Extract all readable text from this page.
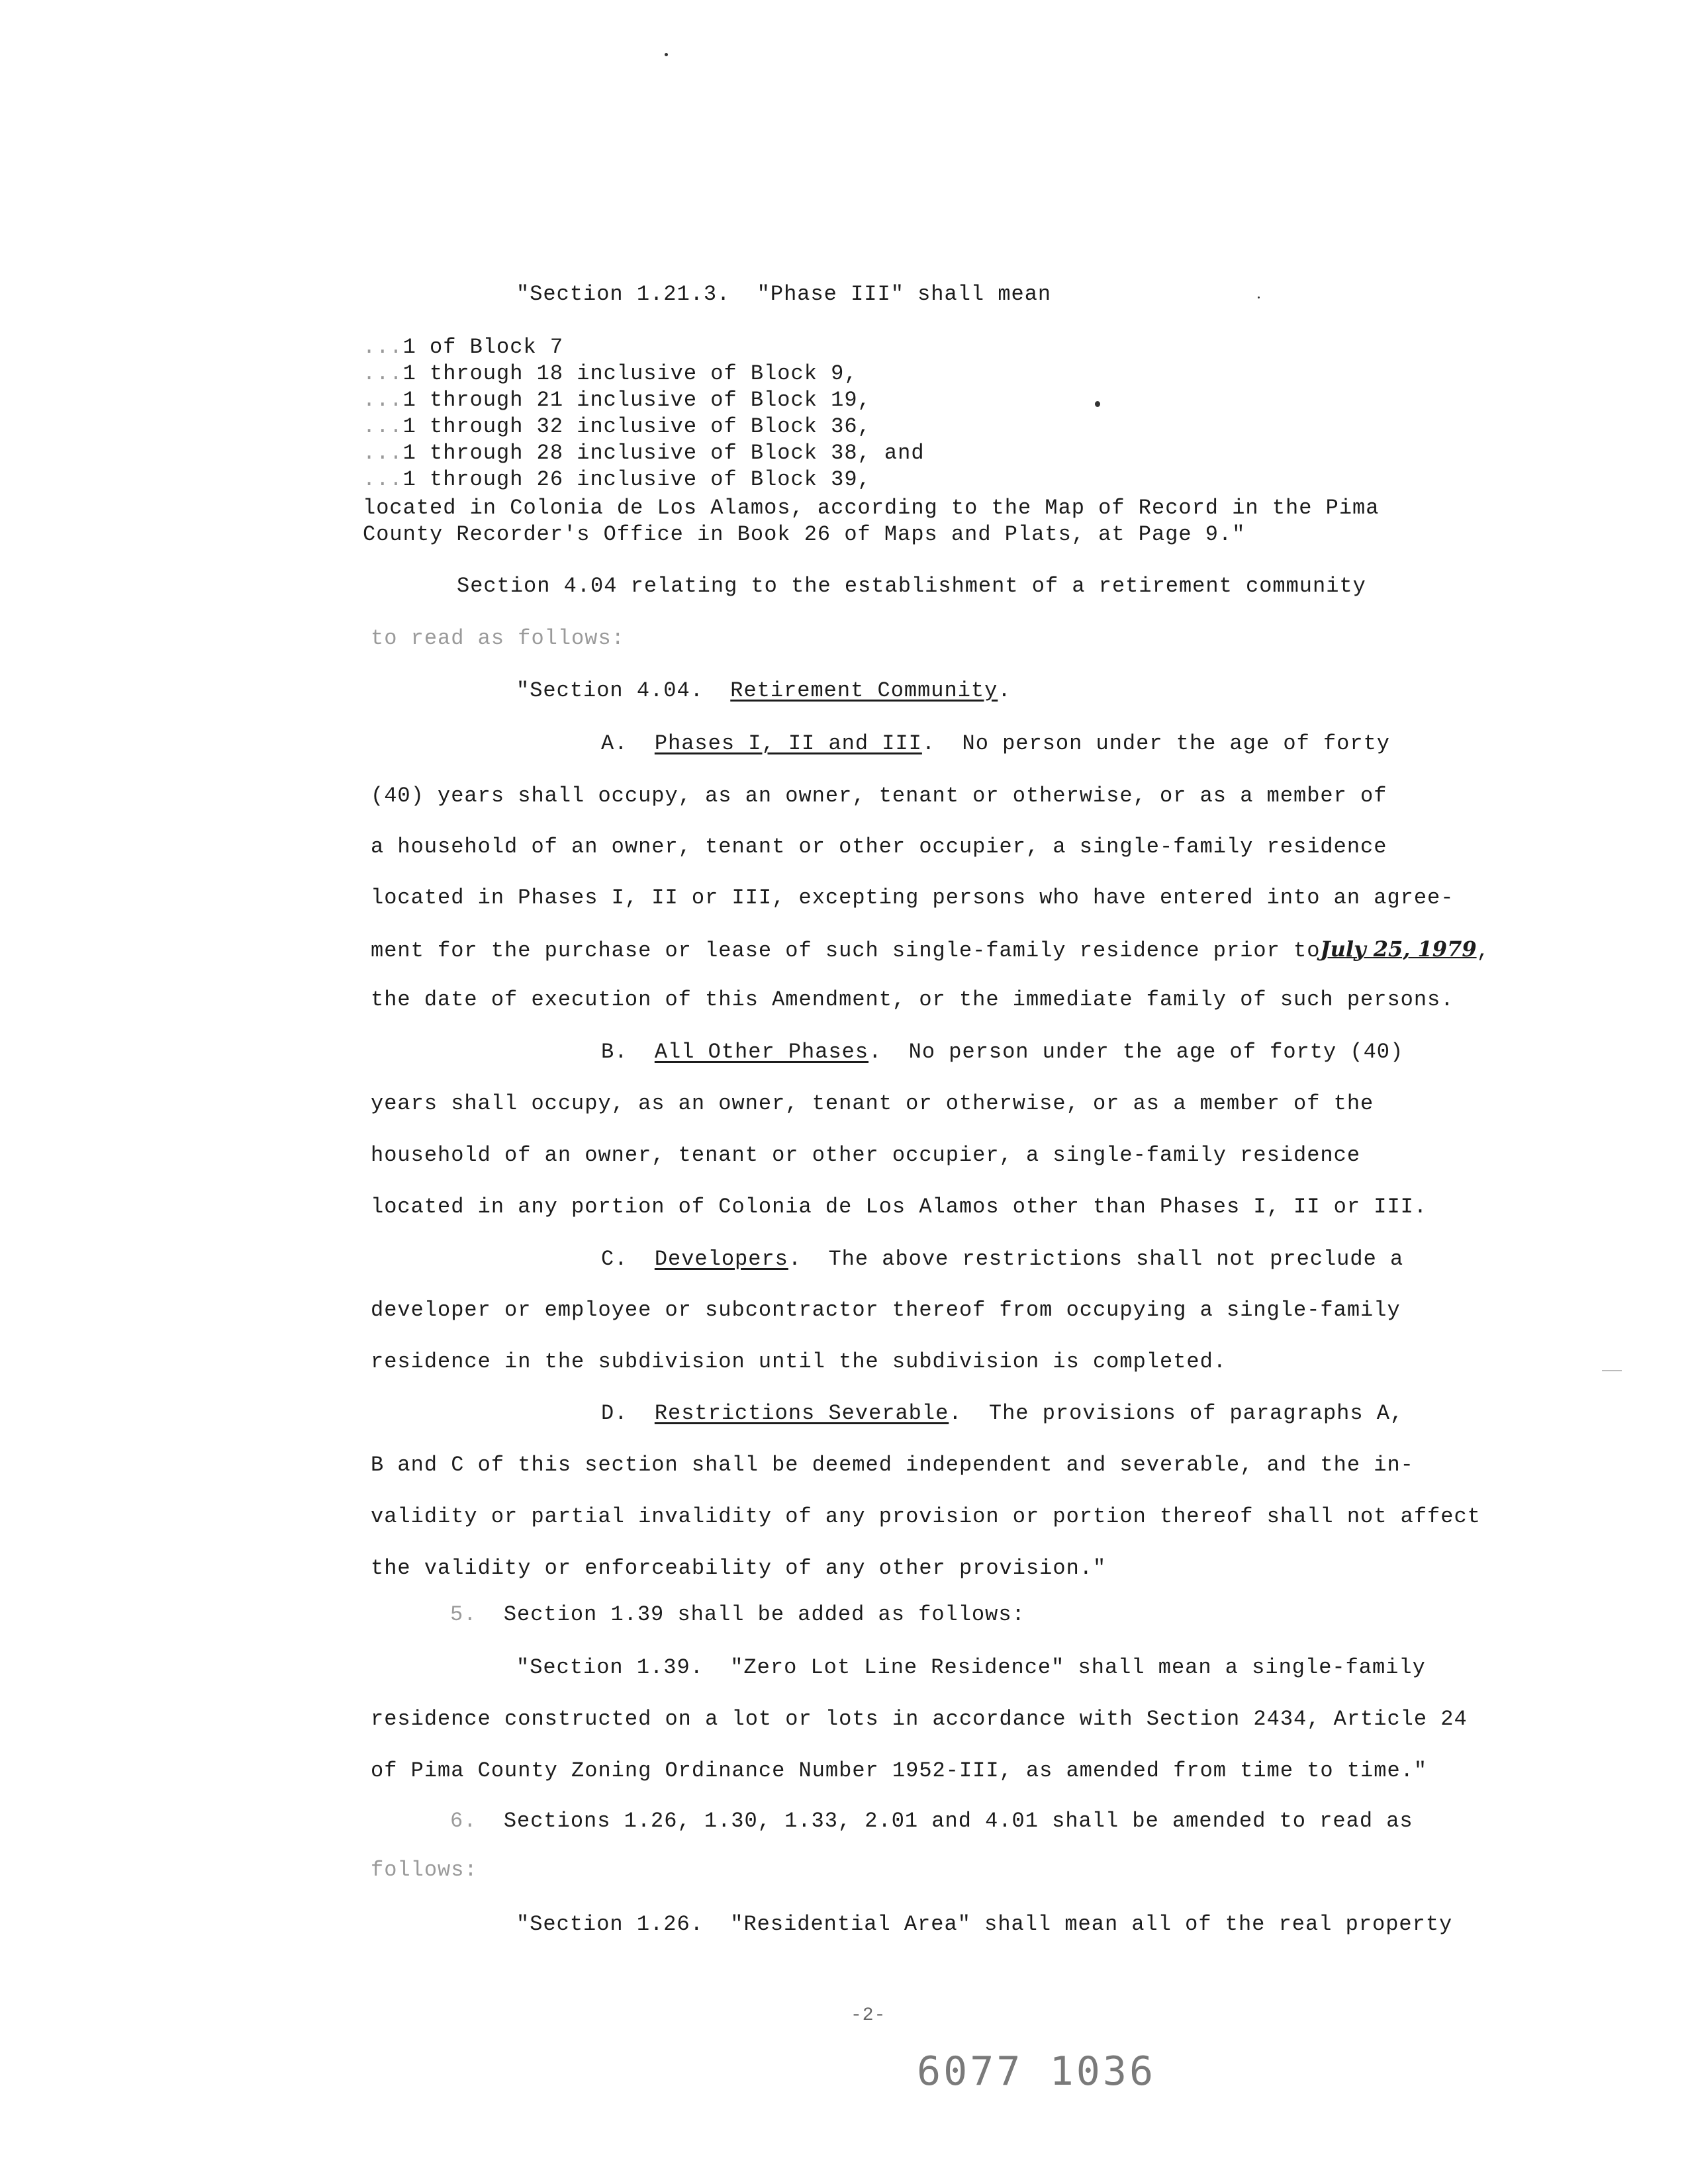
"Section 1.21.3.  "Phase III" shall mean
...1 of Block 7
...1 through 18 inclusive of Block 9,
...1 through 21 inclusive of Block 19,
...1 through 32 inclusive of Block 36,
...1 through 28 inclusive of Block 38, and
...1 through 26 inclusive of Block 39,
located in Colonia de Los Alamos, according to the Map of Record in the Pima
County Recorder's Office in Book 26 of Maps and Plats, at Page 9."
Section 4.04 relating to the establishment of a retirement community
to read as follows:
"Section 4.04. Retirement Community.
A. Phases I, II and III.  No person under the age of forty
(40) years shall occupy, as an owner, tenant or otherwise, or as a member of
a household of an owner, tenant or other occupier, a single-family residence
located in Phases I, II or III, excepting persons who have entered into an agree-
ment for the purchase or lease of such single-family residence prior toJuly 25, 1979,
the date of execution of this Amendment, or the immediate family of such persons.
B. All Other Phases.  No person under the age of forty (40)
years shall occupy, as an owner, tenant or otherwise, or as a member of the
household of an owner, tenant or other occupier, a single-family residence
located in any portion of Colonia de Los Alamos other than Phases I, II or III.
C. Developers.  The above restrictions shall not preclude a
developer or employee or subcontractor thereof from occupying a single-family
residence in the subdivision until the subdivision is completed.
D. Restrictions Severable.  The provisions of paragraphs A,
B and C of this section shall be deemed independent and severable, and the in-
validity or partial invalidity of any provision or portion thereof shall not affect
the validity or enforceability of any other provision."
5. Section 1.39 shall be added as follows:
"Section 1.39.  "Zero Lot Line Residence" shall mean a single-family
residence constructed on a lot or lots in accordance with Section 2434, Article 24
of Pima County Zoning Ordinance Number 1952-III, as amended from time to time."
6. Sections 1.26, 1.30, 1.33, 2.01 and 4.01 shall be amended to read as
follows:
"Section 1.26.  "Residential Area" shall mean all of the real property
-2-
6077 1036
